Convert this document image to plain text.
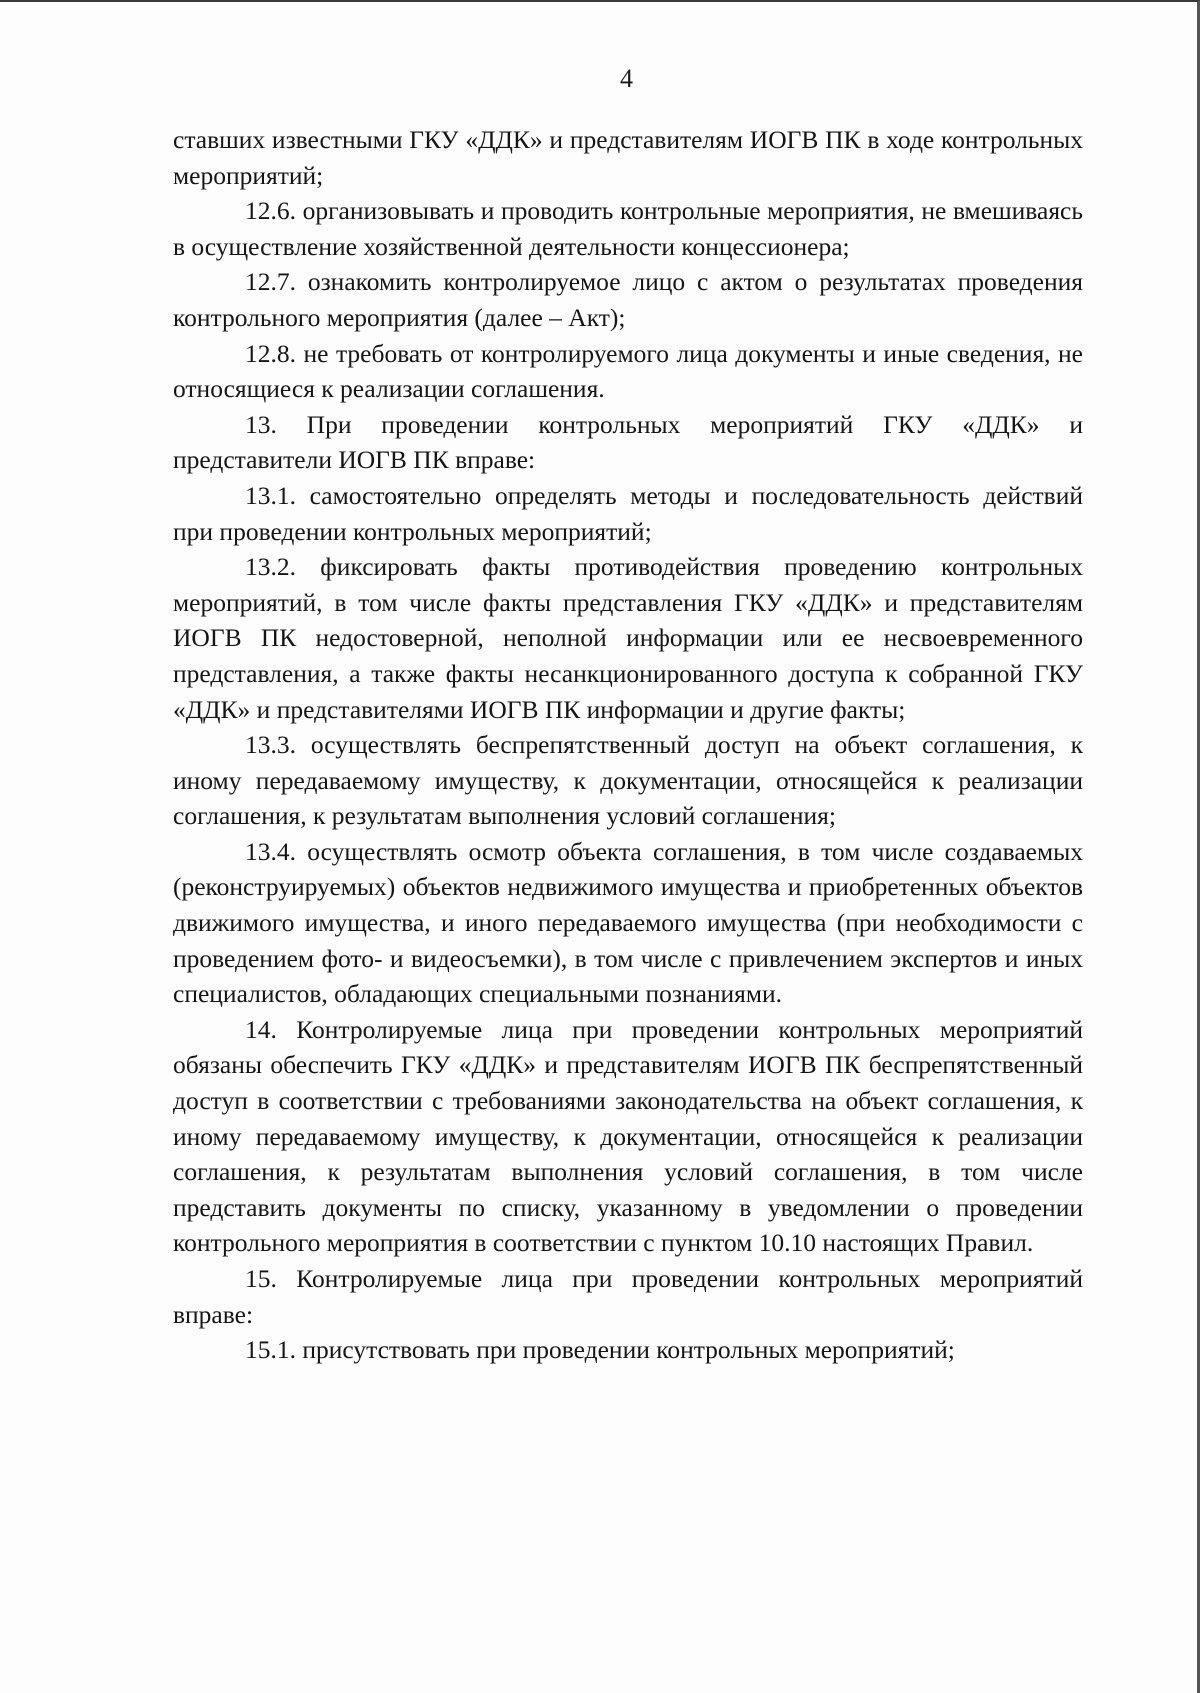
4

ставших известными ГКУ «ДДК» и представителям ИОГВ ПК в ходе контрольных мероприятий;

12.6. организовывать и проводить контрольные мероприятия, не вмешиваясь в осуществление хозяйственной деятельности концессионера;

12.7. ознакомить контролируемое лицо с актом о результатах проведения контрольного мероприятия (далее – Акт);

12.8. не требовать от контролируемого лица документы и иные сведения, не относящиеся к реализации соглашения.

13. При проведении контрольных мероприятий ГКУ «ДДК» и представители ИОГВ ПК вправе:

13.1. самостоятельно определять методы и последовательность действий при проведении контрольных мероприятий;

13.2. фиксировать факты противодействия проведению контрольных мероприятий, в том числе факты представления ГКУ «ДДК» и представителям ИОГВ ПК недостоверной, неполной информации или ее несвоевременного представления, а также факты несанкционированного доступа к собранной ГКУ «ДДК» и представителями ИОГВ ПК информации и другие факты;

13.3. осуществлять беспрепятственный доступ на объект соглашения, к иному передаваемому имуществу, к документации, относящейся к реализации соглашения, к результатам выполнения условий соглашения;

13.4. осуществлять осмотр объекта соглашения, в том числе создаваемых (реконструируемых) объектов недвижимого имущества и приобретенных объектов движимого имущества, и иного передаваемого имущества (при необходимости с проведением фото- и видеосъемки), в том числе с привлечением экспертов и иных специалистов, обладающих специальными познаниями.

14. Контролируемые лица при проведении контрольных мероприятий обязаны обеспечить ГКУ «ДДК» и представителям ИОГВ ПК беспрепятственный доступ в соответствии с требованиями законодательства на объект соглашения, к иному передаваемому имуществу, к документации, относящейся к реализации соглашения, к результатам выполнения условий соглашения, в том числе представить документы по списку, указанному в уведомлении о проведении контрольного мероприятия в соответствии с пунктом 10.10 настоящих Правил.

15. Контролируемые лица при проведении контрольных мероприятий вправе:

15.1. присутствовать при проведении контрольных мероприятий;
